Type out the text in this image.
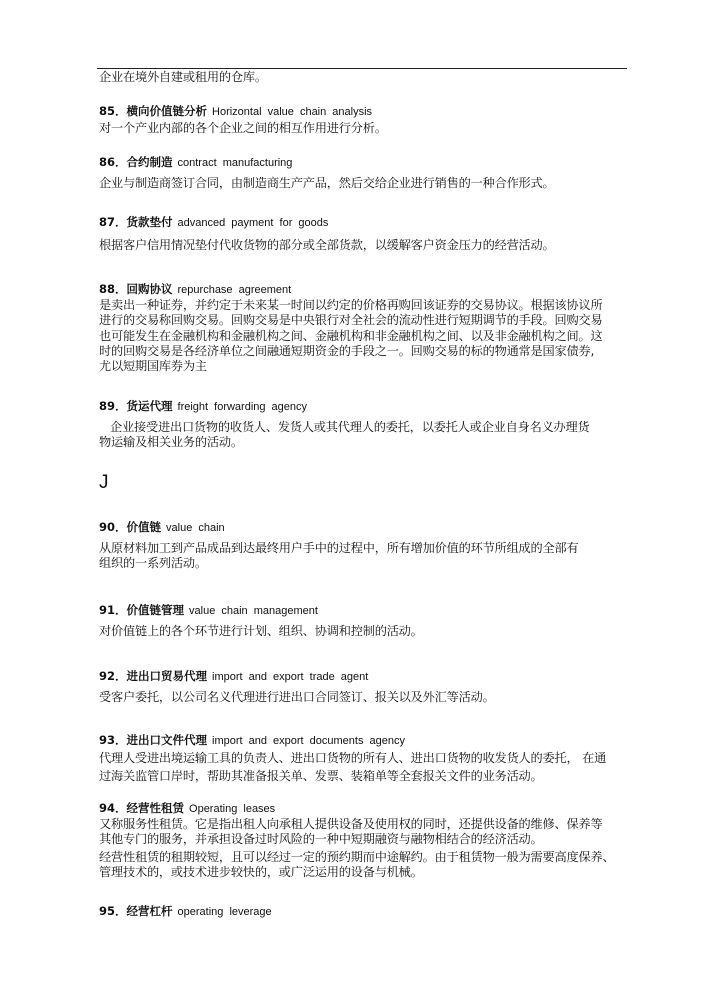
企业在境外自建或租用的仓库。
85．横向价值链分析 Horizontal value chain analysis
对一个产业内部的各个企业之间的相互作用进行分析。
86．合约制造 contract manufacturing
企业与制造商签订合同，由制造商生产产品，然后交给企业进行销售的一种合作形式。
87．货款垫付 advanced payment for goods
根据客户信用情况垫付代收货物的部分或全部货款，以缓解客户资金压力的经营活动。
88．回购协议 repurchase agreement
是卖出一种证券，并约定于未来某一时间以约定的价格再购回该证券的交易协议。根据该协议所
进行的交易称回购交易。回购交易是中央银行对全社会的流动性进行短期调节的手段。回购交易
也可能发生在金融机构和金融机构之间、金融机构和非金融机构之间、以及非金融机构之间。这
时的回购交易是各经济单位之间融通短期资金的手段之一。回购交易的标的物通常是国家债券,
尤以短期国库券为主
89．货运代理 freight forwarding agency
企业接受进出口货物的收货人、发货人或其代理人的委托，以委托人或企业自身名义办理货
物运输及相关业务的活动。
J
90．价值链 value chain
从原材料加工到产品成品到达最终用户手中的过程中，所有增加价值的环节所组成的全部有
组织的一系列活动。
91．价值链管理 value chain management
对价值链上的各个环节进行计划、组织、协调和控制的活动。
92．进出口贸易代理 import and export trade agent
受客户委托，以公司名义代理进行进出口合同签订、报关以及外汇等活动。
93．进出口文件代理 import and export documents agency
代理人受进出境运输工具的负责人、进出口货物的所有人、进出口货物的收发货人的委托， 在通
过海关监管口岸时，帮助其准备报关单、发票、装箱单等全套报关文件的业务活动。
94．经营性租赁 Operating leases
又称服务性租赁。它是指出租人向承租人提供设备及使用权的同时，还提供设备的维修、保养等
其他专门的服务，并承担设备过时风险的一种中短期融资与融物相结合的经济活动。
经营性租赁的租期较短，且可以经过一定的预约期而中途解约。由于租赁物一般为需要高度保养、
管理技术的，或技术进步较快的，或广泛运用的设备与机械。
95．经营杠杆 operating leverage
